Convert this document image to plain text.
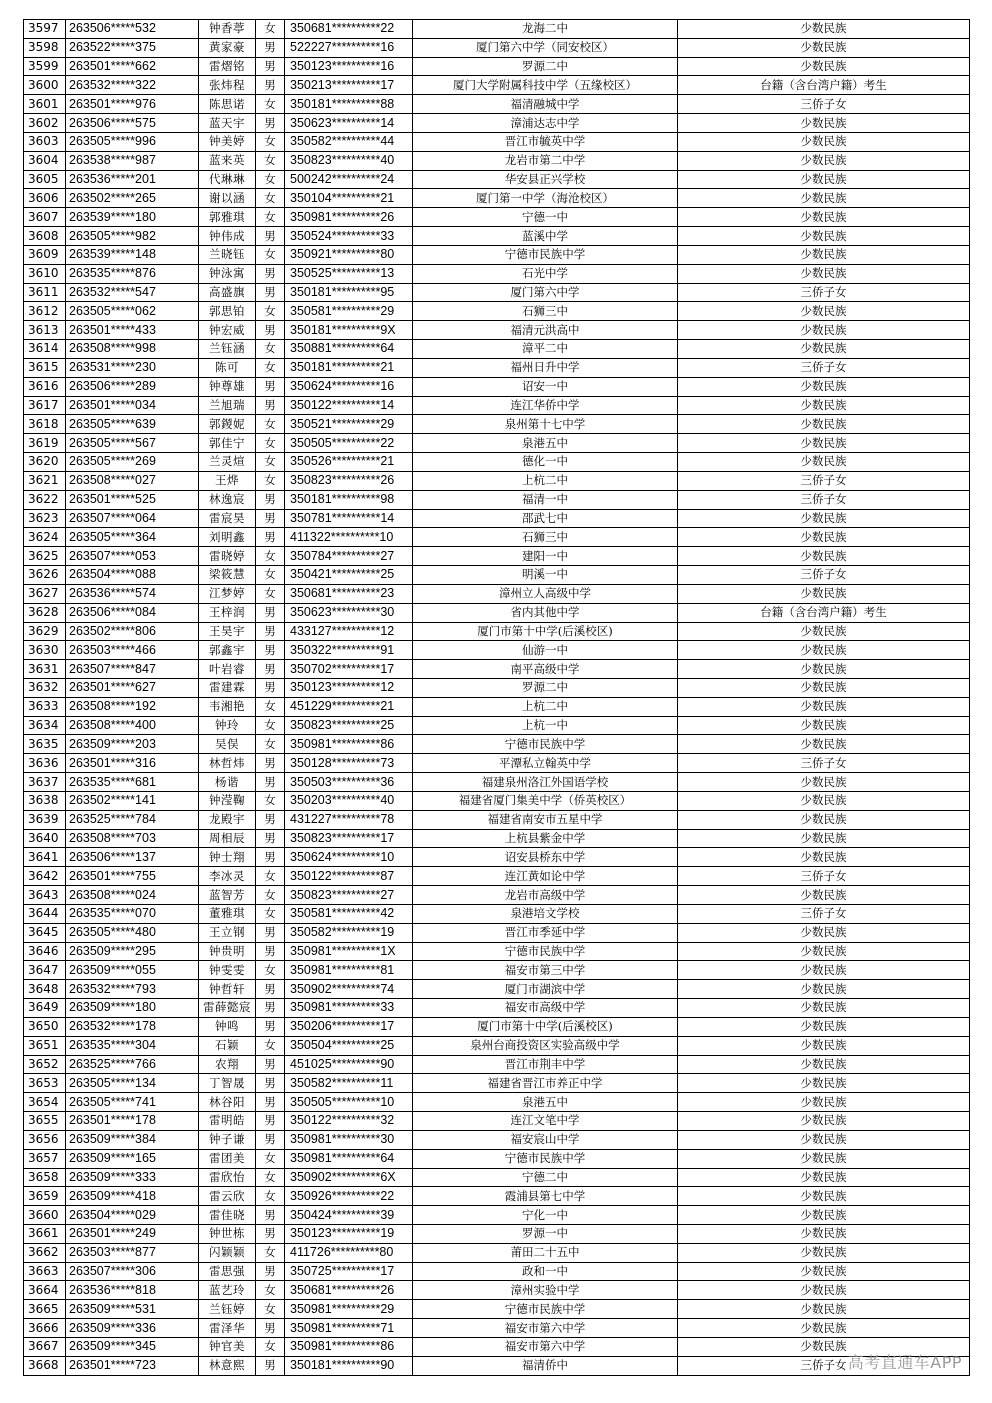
3597	263506*****532	钟香葶	女	350681**********22	龙海二中	少数民族
3598	263522*****375	黄家豪	男	522227**********16	厦门第六中学（同安校区）	少数民族
3599	263501*****662	雷熠铭	男	350123**********16	罗源二中	少数民族
3600	263532*****322	张炜程	男	350213**********17	厦门大学附属科技中学（五缘校区）	台籍（含台湾户籍）考生
3601	263501*****976	陈思诺	女	350181**********88	福清融城中学	三侨子女
3602	263506*****575	蓝天宇	男	350623**********14	漳浦达志中学	少数民族
3603	263505*****996	钟美婷	女	350582**********44	晋江市毓英中学	少数民族
3604	263538*****987	蓝来英	女	350823**********40	龙岩市第二中学	少数民族
3605	263536*****201	代琳琳	女	500242**********24	华安县正兴学校	少数民族
3606	263502*****265	谢以涵	女	350104**********21	厦门第一中学（海沧校区）	少数民族
3607	263539*****180	郭雅琪	女	350981**********26	宁德一中	少数民族
3608	263505*****982	钟伟成	男	350524**********33	蓝溪中学	少数民族
3609	263539*****148	兰晓钰	女	350921**********80	宁德市民族中学	少数民族
3610	263535*****876	钟泳寓	男	350525**********13	石光中学	少数民族
3611	263532*****547	高盛旗	男	350181**********95	厦门第六中学	三侨子女
3612	263505*****062	郭思铂	女	350581**********29	石狮三中	少数民族
3613	263501*****433	钟宏威	男	350181**********9X	福清元洪高中	少数民族
3614	263508*****998	兰钰涵	女	350881**********64	漳平二中	少数民族
3615	263531*****230	陈可	女	350181**********21	福州日升中学	三侨子女
3616	263506*****289	钟尊雄	男	350624**********16	诏安一中	少数民族
3617	263501*****034	兰旭瑞	男	350122**********14	连江华侨中学	少数民族
3618	263505*****639	郭鍐妮	女	350521**********29	泉州第十七中学	少数民族
3619	263505*****567	郭佳宁	女	350505**********22	泉港五中	少数民族
3620	263505*****269	兰灵煊	女	350526**********21	德化一中	少数民族
3621	263508*****027	王烨	女	350823**********26	上杭二中	三侨子女
3622	263501*****525	林逸宸	男	350181**********98	福清一中	三侨子女
3623	263507*****064	雷宸昊	男	350781**********14	邵武七中	少数民族
3624	263505*****364	刘明鑫	男	411322**********10	石狮三中	少数民族
3625	263507*****053	雷晓婷	女	350784**********27	建阳一中	少数民族
3626	263504*****088	梁筱慧	女	350421**********25	明溪一中	三侨子女
3627	263536*****574	江梦婷	女	350681**********23	漳州立人高级中学	少数民族
3628	263506*****084	王梓润	男	350623**********30	省内其他中学	台籍（含台湾户籍）考生
3629	263502*****806	王昊宇	男	433127**********12	厦门市第十中学(后溪校区)	少数民族
3630	263503*****466	郭鑫宇	男	350322**********91	仙游一中	少数民族
3631	263507*****847	叶岩睿	男	350702**********17	南平高级中学	少数民族
3632	263501*****627	雷建霖	男	350123**********12	罗源二中	少数民族
3633	263508*****192	韦湘艳	女	451229**********21	上杭二中	少数民族
3634	263508*****400	钟玲	女	350823**********25	上杭一中	少数民族
3635	263509*****203	吴俣	女	350981**********86	宁德市民族中学	少数民族
3636	263501*****316	林哲炜	男	350128**********73	平潭私立翰英中学	三侨子女
3637	263535*****681	杨谐	男	350503**********36	福建泉州洛江外国语学校	少数民族
3638	263502*****141	钟滢鞠	女	350203**********40	福建省厦门集美中学（侨英校区）	少数民族
3639	263525*****784	龙殿宇	男	431227**********78	福建省南安市五星中学	少数民族
3640	263508*****703	周相辰	男	350823**********17	上杭县紫金中学	少数民族
3641	263506*****137	钟士翔	男	350624**********10	诏安县桥东中学	少数民族
3642	263501*****755	李冰灵	女	350122**********87	连江黄如论中学	三侨子女
3643	263508*****024	蓝智芳	女	350823**********27	龙岩市高级中学	少数民族
3644	263535*****070	董雅琪	女	350581**********42	泉港培文学校	三侨子女
3645	263505*****480	王立钢	男	350582**********19	晋江市季延中学	少数民族
3646	263509*****295	钟贵明	男	350981**********1X	宁德市民族中学	少数民族
3647	263509*****055	钟雯雯	女	350981**********81	福安市第三中学	少数民族
3648	263532*****793	钟哲轩	男	350902**********74	厦门市湖滨中学	少数民族
3649	263509*****180	雷薛懿宸	男	350981**********33	福安市高级中学	少数民族
3650	263532*****178	钟鸣	男	350206**********17	厦门市第十中学(后溪校区)	少数民族
3651	263535*****304	石颖	女	350504**********25	泉州台商投资区实验高级中学	少数民族
3652	263525*****766	农翔	男	451025**********90	晋江市荆丰中学	少数民族
3653	263505*****134	丁智晟	男	350582**********11	福建省晋江市养正中学	少数民族
3654	263505*****741	林谷阳	男	350505**********10	泉港五中	少数民族
3655	263501*****178	雷明皓	男	350122**********32	连江文笔中学	少数民族
3656	263509*****384	钟子谦	男	350981**********30	福安宸山中学	少数民族
3657	263509*****165	雷团美	女	350981**********64	宁德市民族中学	少数民族
3658	263509*****333	雷欣怡	女	350902**********6X	宁德二中	少数民族
3659	263509*****418	雷云欣	女	350926**********22	霞浦县第七中学	少数民族
3660	263504*****029	雷佳晓	男	350424**********39	宁化一中	少数民族
3661	263501*****249	钟世栋	男	350123**********19	罗源一中	少数民族
3662	263503*****877	闪颖颖	女	411726**********80	莆田二十五中	少数民族
3663	263507*****306	雷思强	男	350725**********17	政和一中	少数民族
3664	263536*****818	蓝艺玲	女	350681**********26	漳州实验中学	少数民族
3665	263509*****531	兰钰婷	女	350981**********29	宁德市民族中学	少数民族
3666	263509*****336	雷泽华	男	350981**********71	福安市第六中学	少数民族
3667	263509*****345	钟官美	女	350981**********86	福安市第六中学	少数民族
3668	263501*****723	林意熙	男	350181**********90	福清侨中	三侨子女 高考直通车APP
